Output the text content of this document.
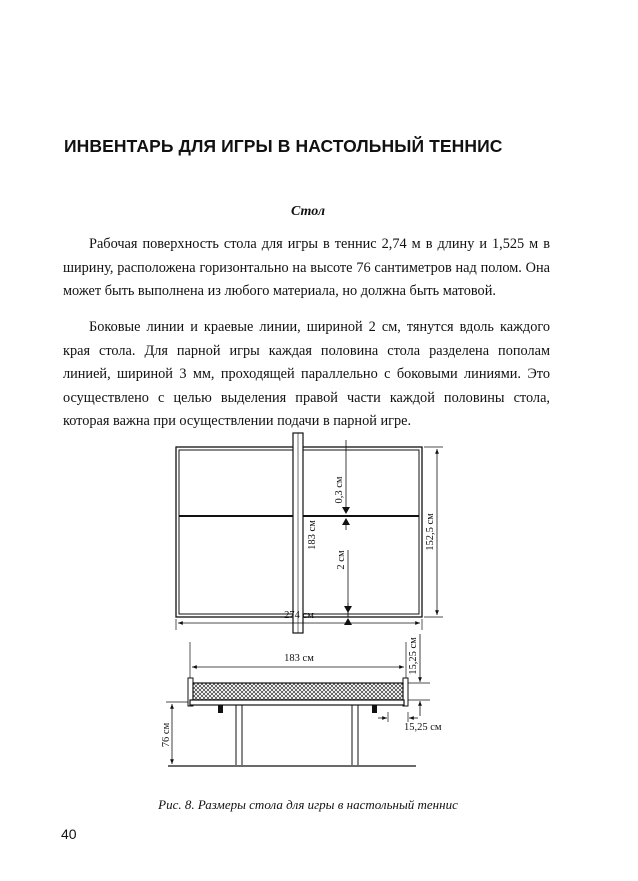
ИНВЕНТАРЬ ДЛЯ ИГРЫ В НАСТОЛЬНЫЙ ТЕННИС
Стол

Рабочая поверхность стола для игры в теннис 2,74 м в длину и 1,525 м в ширину, расположена горизонтально на высоте 76 сантиметров над полом. Она может быть выполнена из любого материала, но должна быть матовой.

Боковые линии и краевые линии, шириной 2 см, тянутся вдоль каждого края стола. Для парной игры каждая половина стола разделена пополам линией, шириной 3 мм, проходящей параллельно с боковыми линиями. Это осуществлено с целью выделения правой части каждой половины стола, которая важна при осуществлении подачи в парной игре.

183 см
0,3 см
2 см
152,5 см
274 см
183 см	15,25 см
15,25 см
76 см
Рис. 8. Размеры стола для игры в настольный теннис
40
